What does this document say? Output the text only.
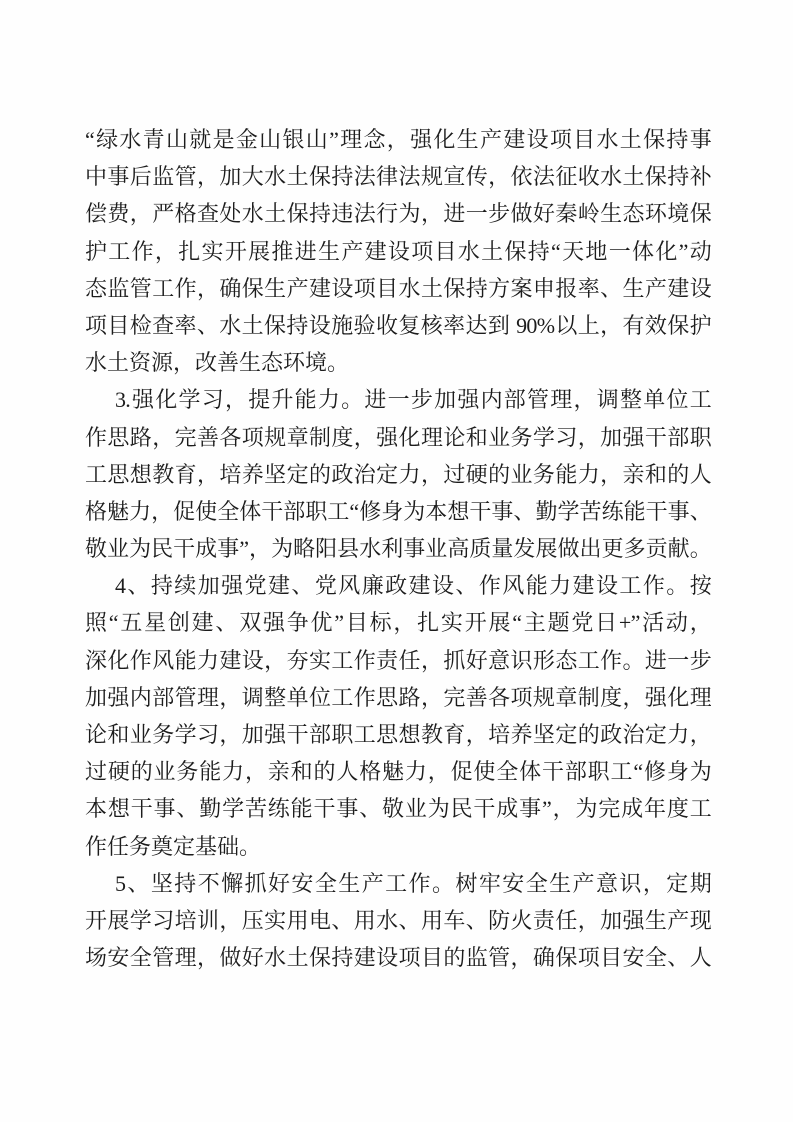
“绿水青山就是金山银山”理念，强化生产建设项目水土保持事
中事后监管，加大水土保持法律法规宣传，依法征收水土保持补
偿费，严格查处水土保持违法行为，进一步做好秦岭生态环境保
护工作，扎实开展推进生产建设项目水土保持“天地一体化”动
态监管工作，确保生产建设项目水土保持方案申报率、生产建设
项目检查率、水土保持设施验收复核率达到 90%以上，有效保护
水土资源，改善生态环境。
3.强化学习，提升能力。进一步加强内部管理，调整单位工
作思路，完善各项规章制度，强化理论和业务学习，加强干部职
工思想教育，培养坚定的政治定力，过硬的业务能力，亲和的人
格魅力，促使全体干部职工“修身为本想干事、勤学苦练能干事、
敬业为民干成事”，为略阳县水利事业高质量发展做出更多贡献。
4、持续加强党建、党风廉政建设、作风能力建设工作。按
照“五星创建、双强争优”目标，扎实开展“主题党日+”活动，
深化作风能力建设，夯实工作责任，抓好意识形态工作。进一步
加强内部管理，调整单位工作思路，完善各项规章制度，强化理
论和业务学习，加强干部职工思想教育，培养坚定的政治定力，
过硬的业务能力，亲和的人格魅力，促使全体干部职工“修身为
本想干事、勤学苦练能干事、敬业为民干成事”，为完成年度工
作任务奠定基础。
5、坚持不懈抓好安全生产工作。树牢安全生产意识，定期
开展学习培训，压实用电、用水、用车、防火责任，加强生产现
场安全管理，做好水土保持建设项目的监管，确保项目安全、人
